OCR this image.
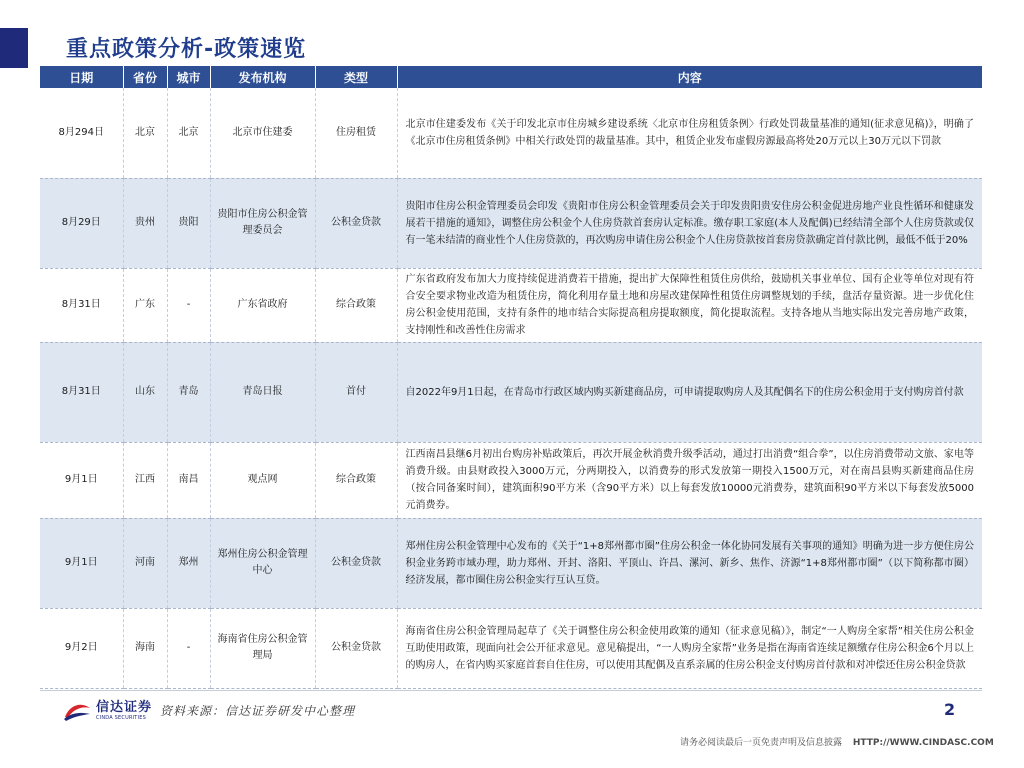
重点政策分析-政策速览
日期	省份	城市	发布机构	类型	内容
8月294日	北京	北京	北京市住建委	住房租赁	北京市住建委发布《关于印发北京市住房城乡建设系统〈北京市住房租赁条例〉行政处罚裁量基准的通知(征求意见稿)》，明确了《北京市住房租赁条例》中相关行政处罚的裁量基准。其中，租赁企业发布虚假房源最高将处20万元以上30万元以下罚款
8月29日	贵州	贵阳	贵阳市住房公积金管理委员会	公积金贷款	贵阳市住房公积金管理委员会印发《贵阳市住房公积金管理委员会关于印发贵阳贵安住房公积金促进房地产业良性循环和健康发展若干措施的通知》，调整住房公积金个人住房贷款首套房认定标准。缴存职工家庭(本人及配偶)已经结清全部个人住房贷款或仅有一笔未结清的商业性个人住房贷款的，再次购房申请住房公积金个人住房贷款按首套房贷款确定首付款比例，最低不低于20%
8月31日	广东	-	广东省政府	综合政策	广东省政府发布加大力度持续促进消费若干措施，提出扩大保障性租赁住房供给，鼓励机关事业单位、国有企业等单位对现有符合安全要求物业改造为租赁住房，简化利用存量土地和房屋改建保障性租赁住房调整规划的手续，盘活存量资源。进一步优化住房公积金使用范围，支持有条件的地市结合实际提高租房提取额度，简化提取流程。支持各地从当地实际出发完善房地产政策，支持刚性和改善性住房需求

8月31日	山东	青岛	青岛日报	首付	自2022年9月1日起，在青岛市行政区域内购买新建商品房，可申请提取购房人及其配偶名下的住房公积金用于支付购房首付款
9月1日	江西	南昌	观点网	综合政策	江西南昌县继6月初出台购房补贴政策后，再次开展金秋消费升级季活动，通过打出消费“组合拳”，以住房消费带动文旅、家电等消费升级。由县财政投入3000万元，分两期投入，以消费券的形式发放第一期投入1500万元，对在南昌县购买新建商品住房（按合同备案时间），建筑面积90平方米（含90平方米）以上每套发放10000元消费券，建筑面积90平方米以下每套发放5000元消费券。
9月1日	河南	郑州	郑州住房公积金管理中心	公积金贷款	郑州住房公积金管理中心发布的《关于“1+8郑州都市圈”住房公积金一体化协同发展有关事项的通知》明确为进一步方便住房公积金业务跨市域办理，助力郑州、开封、洛阳、平顶山、许昌、漯河、新乡、焦作、济源“1+8郑州都市圈”（以下简称都市圈）经济发展，都市圈住房公积金实行互认互贷。
9月2日	海南	-	海南省住房公积金管理局	公积金贷款	海南省住房公积金管理局起草了《关于调整住房公积金使用政策的通知（征求意见稿）》，制定“一人购房全家帮”相关住房公积金互助使用政策，现面向社会公开征求意见。意见稿提出，“一人购房全家帮”业务是指在海南省连续足额缴存住房公积金6个月以上的购房人，在省内购买家庭首套自住住房，可以使用其配偶及直系亲属的住房公积金支付购房首付款和对冲偿还住房公积金贷款
信达证券
CINDA SECURITIES	资料来源：信达证券研发中心整理	2
请务必阅读最后一页免责声明及信息披露 HTTP://WWW.CINDASC.COM
